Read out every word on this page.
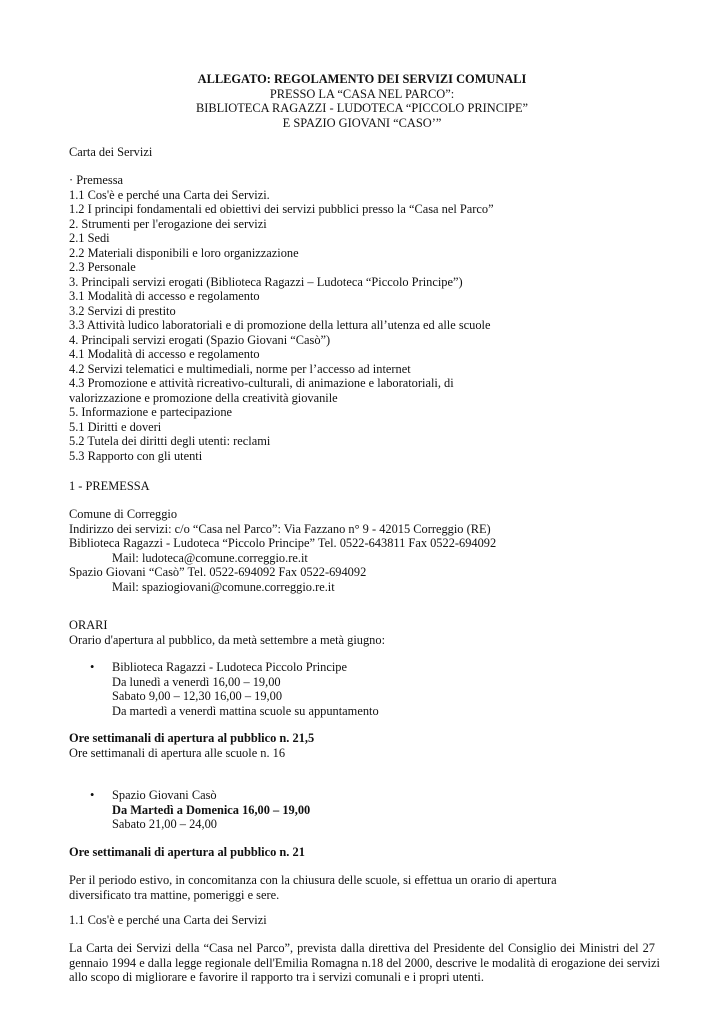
ALLEGATO: REGOLAMENTO DEI SERVIZI COMUNALI
PRESSO LA “CASA NEL PARCO”:
BIBLIOTECA RAGAZZI - LUDOTECA “PICCOLO PRINCIPE”
E SPAZIO GIOVANI “CASO’”
Carta dei Servizi
· Premessa
1.1 Cos'è e perché una Carta dei Servizi.
1.2 I principi fondamentali ed obiettivi dei servizi pubblici presso la “Casa nel Parco”
2. Strumenti per l'erogazione dei servizi
2.1 Sedi
2.2 Materiali disponibili e loro organizzazione
2.3 Personale
3. Principali servizi erogati (Biblioteca Ragazzi – Ludoteca “Piccolo Principe”)
3.1 Modalità di accesso e regolamento
3.2 Servizi di prestito
3.3 Attività ludico laboratoriali e di promozione della lettura all’utenza ed alle scuole
4. Principali servizi erogati (Spazio Giovani “Casò”)
4.1 Modalità di accesso e regolamento
4.2 Servizi telematici e multimediali, norme per l’accesso ad internet
4.3 Promozione e attività ricreativo-culturali, di animazione e laboratoriali, di
valorizzazione e promozione della creatività giovanile
5. Informazione e partecipazione
5.1 Diritti e doveri
5.2 Tutela dei diritti degli utenti: reclami
5.3 Rapporto con gli utenti
1 - PREMESSA
Comune di Correggio
Indirizzo dei servizi: c/o “Casa nel Parco”: Via Fazzano n° 9 - 42015 Correggio (RE)
Biblioteca Ragazzi - Ludoteca “Piccolo Principe” Tel. 0522-643811 Fax 0522-694092
Mail: ludoteca@comune.correggio.re.it
Spazio Giovani “Casò” Tel. 0522-694092 Fax 0522-694092
Mail: spaziogiovani@comune.correggio.re.it
ORARI
Orario d'apertura al pubblico, da metà settembre a metà giugno:
• Biblioteca Ragazzi - Ludoteca Piccolo Principe
Da lunedì a venerdì 16,00 – 19,00
Sabato 9,00 – 12,30 16,00 – 19,00
Da martedì a venerdì mattina scuole su appuntamento
Ore settimanali di apertura al pubblico n. 21,5
Ore settimanali di apertura alle scuole n. 16
• Spazio Giovani Casò
Da Martedì a Domenica 16,00 – 19,00
Sabato 21,00 – 24,00
Ore settimanali di apertura al pubblico n. 21
Per il periodo estivo, in concomitanza con la chiusura delle scuole, si effettua un orario di apertura
diversificato tra mattine, pomeriggi e sere.
1.1 Cos'è e perché una Carta dei Servizi
La Carta dei Servizi della “Casa nel Parco”, prevista dalla direttiva del Presidente del Consiglio dei Ministri del 27
gennaio 1994 e dalla legge regionale dell'Emilia Romagna n.18 del 2000, descrive le modalità di erogazione dei servizi
allo scopo di migliorare e favorire il rapporto tra i servizi comunali e i propri utenti.
